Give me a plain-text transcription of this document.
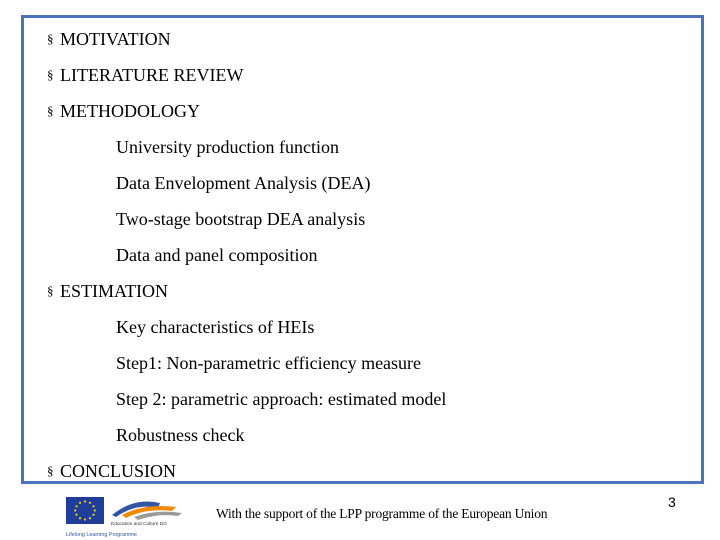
§ MOTIVATION
§ LITERATURE REVIEW
§ METHODOLOGY
University production function
Data Envelopment Analysis (DEA)
Two-stage bootstrap DEA analysis
Data and panel composition
§ ESTIMATION
Key characteristics of HEIs
Step1: Non-parametric efficiency measure
Step 2: parametric approach: estimated model
Robustness check
§ CONCLUSION
Education and Culture DG
Lifelong Learning Programme
With the support of the LPP programme of the European Union
3
